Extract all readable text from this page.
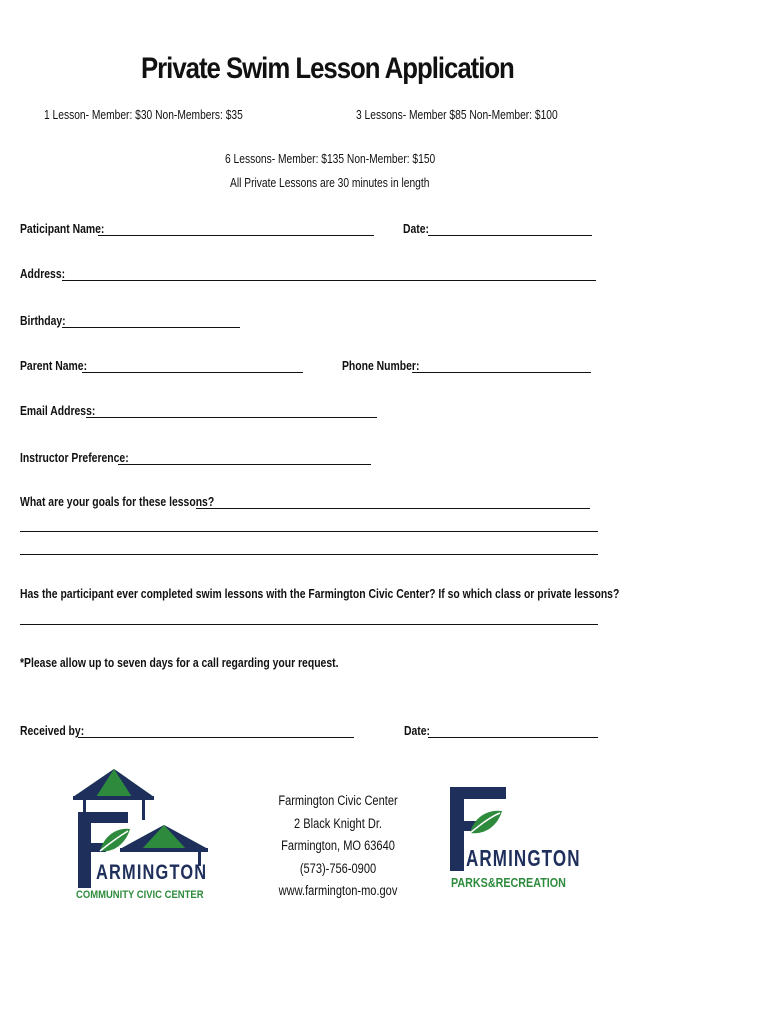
Private Swim Lesson Application
1 Lesson- Member: $30 Non-Members: $35	3 Lessons- Member $85 Non-Member: $100
6 Lessons- Member: $135 Non-Member: $150
All Private Lessons are 30 minutes in length
Paticipant Name:	Date:
Address:
Birthday:
Parent Name:	Phone Number:
Email Address:
Instructor Preference:
What are your goals for these lessons?
Has the participant ever completed swim lessons with the Farmington Civic Center? If so which class or private lessons?
*Please allow up to seven days for a call regarding your request.
Received by:	Date:
ARMINGTON
COMMUNITY CIVIC CENTER
Farmington Civic Center
2 Black Knight Dr.
Farmington, MO 63640
(573)-756-0900
www.farmington-mo.gov
ARMINGTON
PARKS&RECREATION
